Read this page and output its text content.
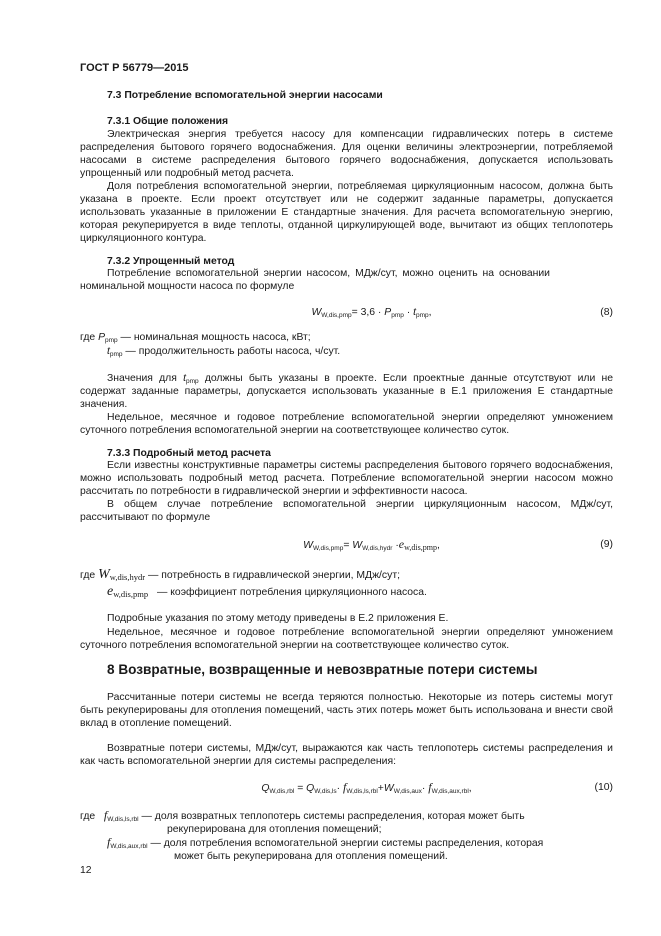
ГОСТ Р 56779—2015
7.3 Потребление вспомогательной энергии насосами
7.3.1 Общие положения
Электрическая энергия требуется насосу для компенсации гидравлических потерь в системе распределения бытового горячего водоснабжения. Для оценки величины электроэнергии, потребляемой насосами в системе распределения бытового горячего водоснабжения, допускается использовать упрощенный или подробный метод расчета.
Доля потребления вспомогательной энергии, потребляемая циркуляционным насосом, должна быть указана в проекте. Если проект отсутствует или не содержит заданные параметры, допускается использовать указанные в приложении Е стандартные значения. Для расчета вспомогательную энергию, которая рекуперируется в виде теплоты, отданной циркулирующей воде, вычитают из общих теплопотерь циркуляционного контура.
7.3.2 Упрощенный метод
Потребление вспомогательной энергии насосом, МДж/сут, можно оценить на основании номинальной мощности насоса по формуле
$W_{W,dis,pmp}= 3,6 \cdot P_{pmp} \cdot t_{pmp}$,	(8)
где $P_{pmp}$ — номинальная мощность насоса, кВт;
$t_{pmp}$ — продолжительность работы насоса, ч/сут.
Значения для $t_{pmp}$ должны быть указаны в проекте. Если проектные данные отсутствуют или не содержат заданные параметры, допускается использовать указанные в Е.1 приложения Е стандартные значения.
Недельное, месячное и годовое потребление вспомогательной энергии определяют умножением суточного потребления вспомогательной энергии на соответствующее количество суток.
7.3.3 Подробный метод расчета
Если известны конструктивные параметры системы распределения бытового горячего водоснабжения, можно использовать подробный метод расчета. Потребление вспомогательной энергии насосом можно рассчитать по потребности в гидравлической энергии и эффективности насоса.
В общем случае потребление вспомогательной энергии циркуляционным насосом, МДж/сут, рассчитывают по формуле
$W_{W,dis,pmp}= W_{W,dis,hydr} \cdot e_{w,dis,pmp}$,	(9)
где $W_{w,dis,hydr}$ — потребность в гидравлической энергии, МДж/сут;
$e_{w,dis,pmp}$ — коэффициент потребления циркуляционного насоса.
Подробные указания по этому методу приведены в Е.2 приложения Е.
Недельное, месячное и годовое потребление вспомогательной энергии определяют умножением суточного потребления вспомогательной энергии на соответствующее количество суток.
8 Возвратные, возвращенные и невозвратные потери системы
Рассчитанные потери системы не всегда теряются полностью. Некоторые из потерь системы могут быть рекуперированы для отопления помещений, часть этих потерь может быть использована и внести свой вклад в отопление помещений.
Возвратные потери системы, МДж/сут, выражаются как часть теплопотерь системы распределения и как часть вспомогательной энергии для системы распределения:
$Q_{W,dis,rbl} = Q_{W,dis,ls}\cdot f_{W,dis,ls,rbl}+W_{W,dis,aux}\cdot f_{W,dis,aux,rbl}$,	(10)
где $f_{W,dis,ls,rbl}$ — доля возвратных теплопотерь системы распределения, которая может быть
рекуперирована для отопления помещений;
$f_{W,dis,aux,rbl}$ — доля потребления вспомогательной энергии системы распределения, которая
может быть рекуперирована для отопления помещений.
12
